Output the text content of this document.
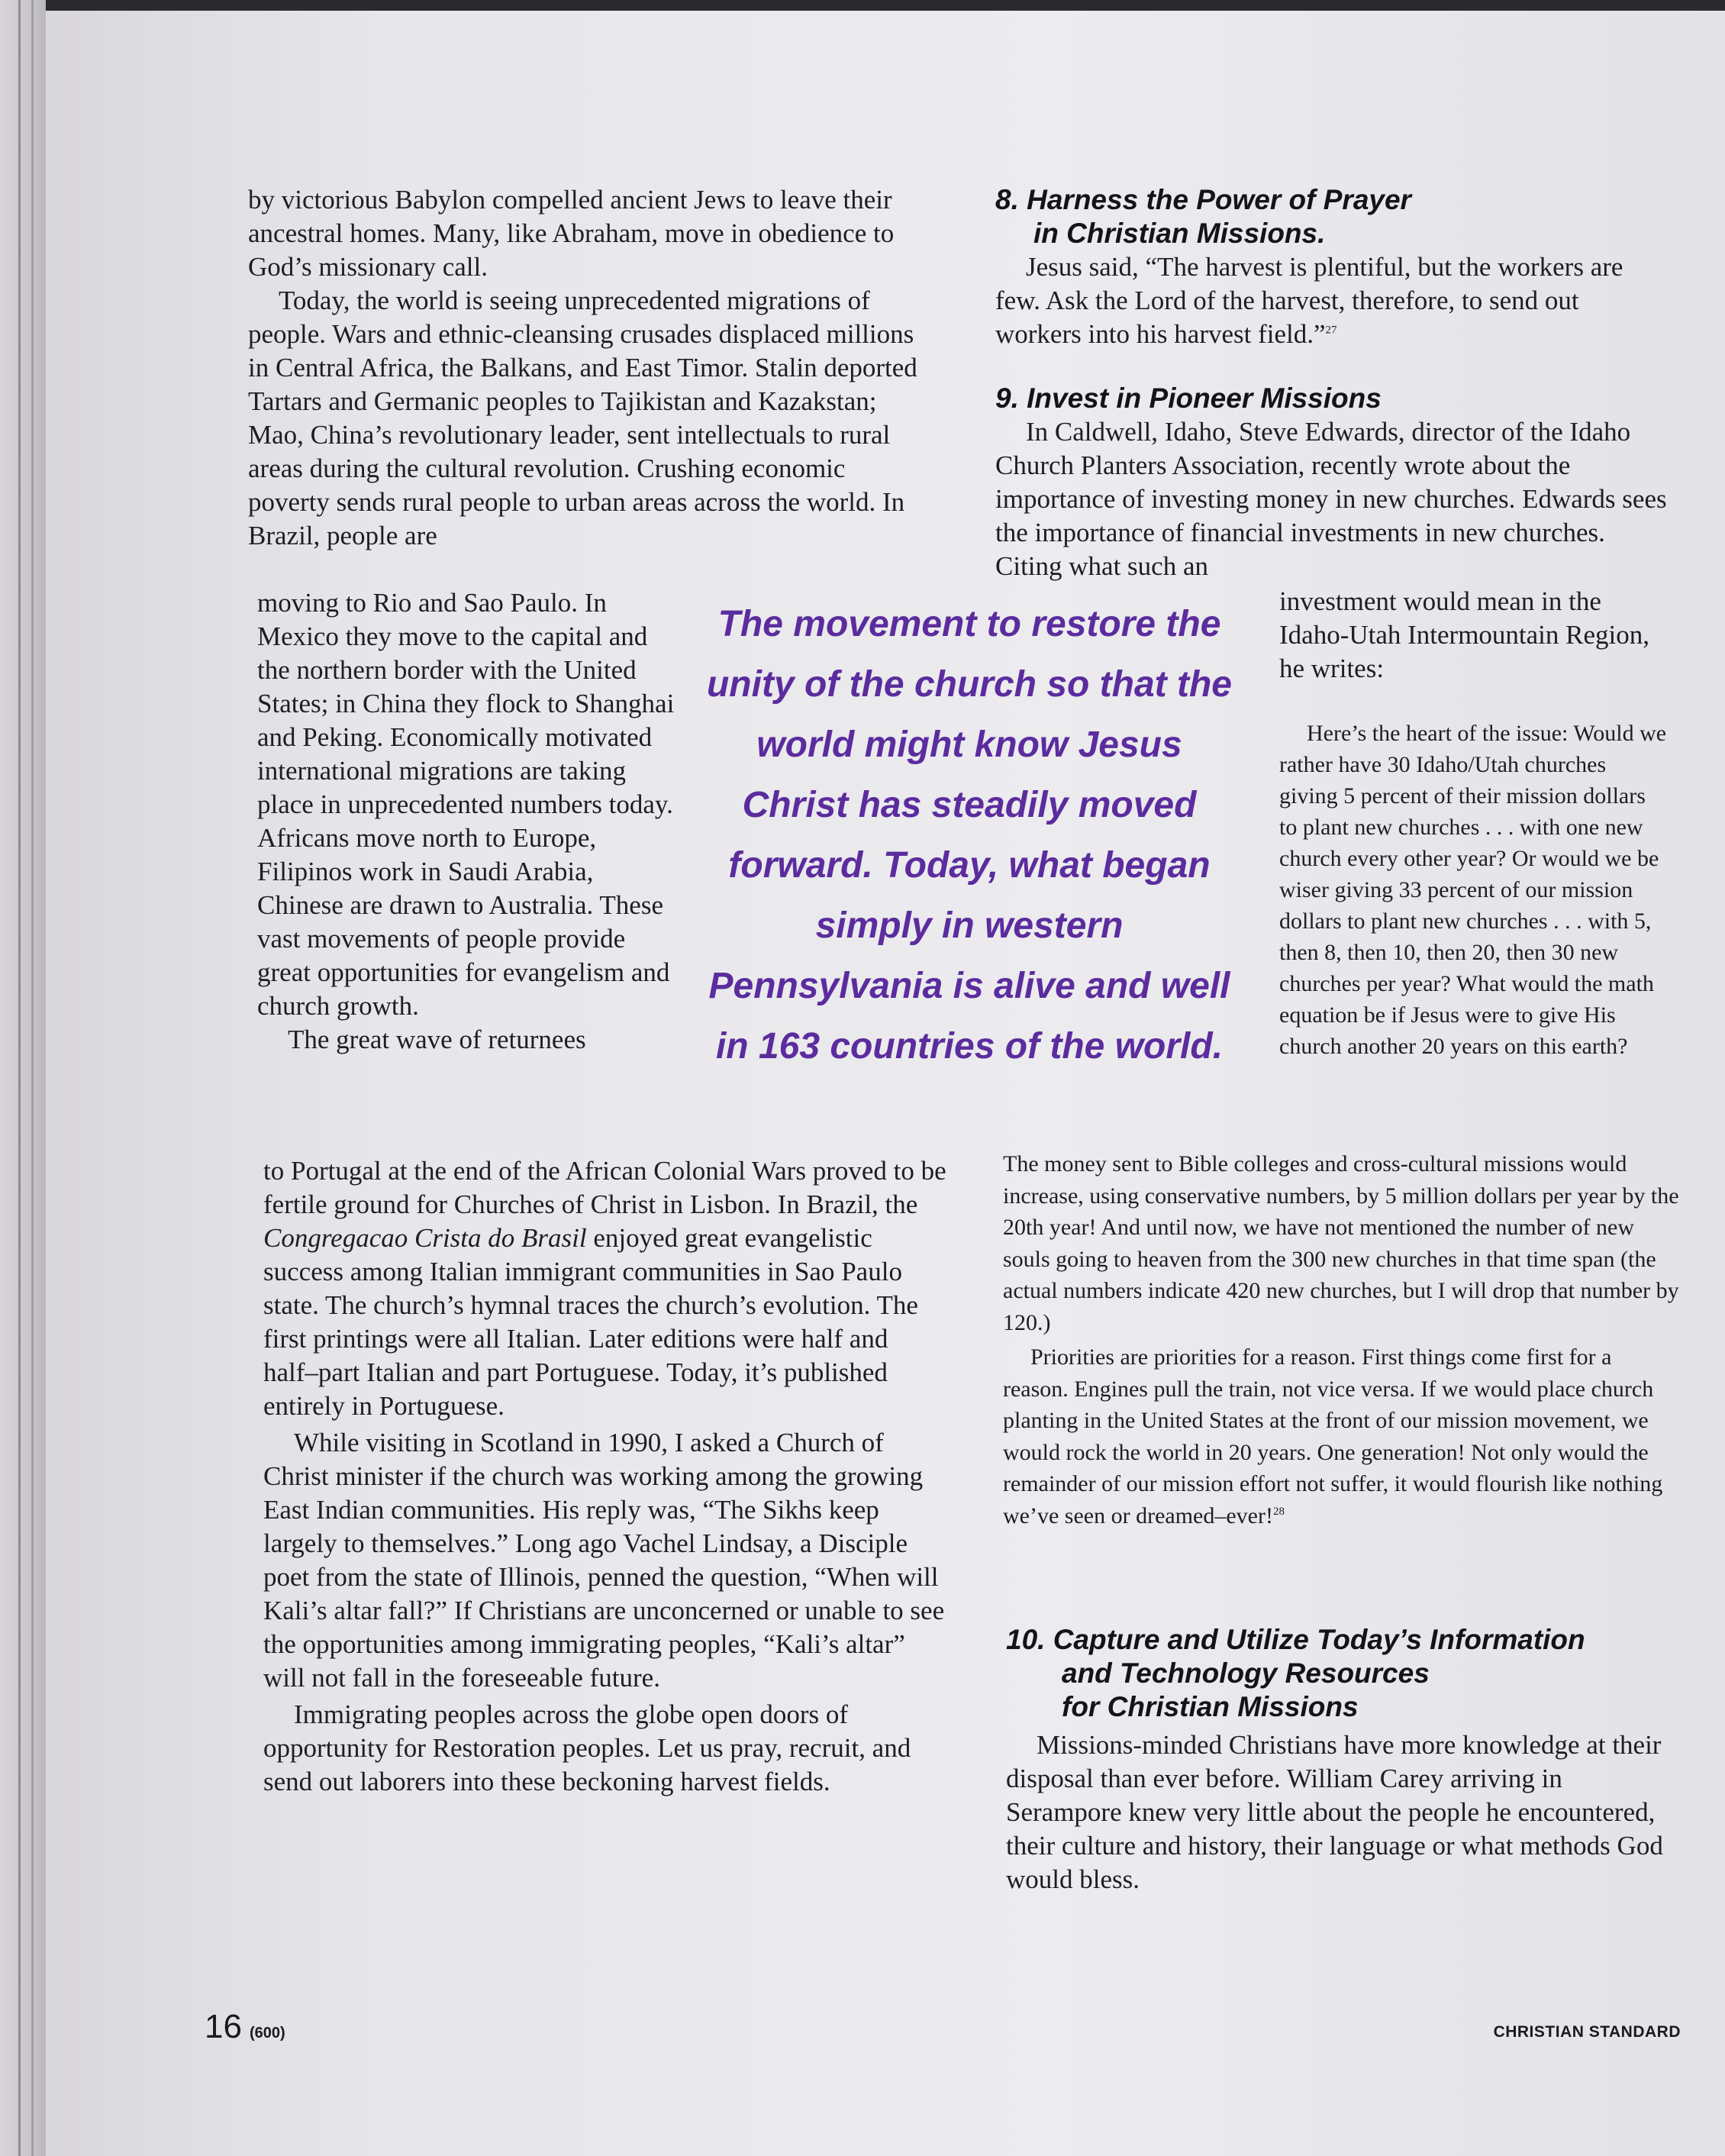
by victorious Babylon compelled ancient Jews to leave their ancestral homes. Many, like Abraham, move in obedience to God’s missionary call.

Today, the world is seeing unprecedented migrations of people. Wars and ethnic-cleansing crusades displaced millions in Central Africa, the Balkans, and East Timor. Stalin deported Tartars and Germanic peoples to Tajikistan and Kazakstan; Mao, China’s revolutionary leader, sent intellectuals to rural areas during the cultural revolution. Crushing economic poverty sends rural people to urban areas across the world. In Brazil, people are

moving to Rio and Sao Paulo. In Mexico they move to the capital and the northern border with the United States; in China they flock to Shanghai and Peking. Economically motivated international migrations are taking place in unprecedented numbers today. Africans move north to Europe, Filipinos work in Saudi Arabia, Chinese are drawn to Australia. These vast movements of people provide great opportunities for evangelism and church growth.

The great wave of returnees

to Portugal at the end of the African Colonial Wars proved to be fertile ground for Churches of Christ in Lisbon. In Brazil, the Congregacao Crista do Brasil enjoyed great evangelistic success among Italian immigrant communities in Sao Paulo state. The church’s hymnal traces the church’s evolution. The first printings were all Italian. Later editions were half and half–part Italian and part Portuguese. Today, it’s published entirely in Portuguese.

While visiting in Scotland in 1990, I asked a Church of Christ minister if the church was working among the growing East Indian communities. His reply was, “The Sikhs keep largely to themselves.” Long ago Vachel Lindsay, a Disciple poet from the state of Illinois, penned the question, “When will Kali’s altar fall?” If Christians are unconcerned or unable to see the opportunities among immigrating peoples, “Kali’s altar” will not fall in the foreseeable future.

Immigrating peoples across the globe open doors of opportunity for Restoration peoples. Let us pray, recruit, and send out laborers into these beckoning harvest fields.

The movement to restore the unity of the church so that the world might know Jesus Christ has steadily moved forward. Today, what began simply in western Pennsylvania is alive and well in 163 countries of the world.
8. Harness the Power of Prayer
in Christian Missions.

Jesus said, “The harvest is plentiful, but the workers are few. Ask the Lord of the harvest, therefore, to send out workers into his harvest field.”$^{27}$

9. Invest in Pioneer Missions

In Caldwell, Idaho, Steve Edwards, director of the Idaho Church Planters Association, recently wrote about the importance of investing money in new churches. Edwards sees the importance of financial investments in new churches. Citing what such an

investment would mean in the Idaho-Utah Intermountain Region, he writes:

Here’s the heart of the issue: Would we rather have 30 Idaho/Utah churches giving 5 percent of their mission dollars to plant new churches . . . with one new church every other year? Or would we be wiser giving 33 percent of our mission dollars to plant new churches . . . with 5, then 8, then 10, then 20, then 30 new churches per year? What would the math equation be if Jesus were to give His church another 20 years on this earth?

The money sent to Bible colleges and cross-cultural missions would increase, using conservative numbers, by 5 million dollars per year by the 20th year! And until now, we have not mentioned the number of new souls going to heaven from the 300 new churches in that time span (the actual numbers indicate 420 new churches, but I will drop that number by 120.)

Priorities are priorities for a reason. First things come first for a reason. Engines pull the train, not vice versa. If we would place church planting in the United States at the front of our mission movement, we would rock the world in 20 years. One generation! Not only would the remainder of our mission effort not suffer, it would flourish like nothing we’ve seen or dreamed–ever!$^{28}$

10. Capture and Utilize Today’s Information
and Technology Resources
for Christian Missions

Missions-minded Christians have more knowledge at their disposal than ever before. William Carey arriving in Serampore knew very little about the people he encountered, their culture and history, their language or what methods God would bless.

16 (600)	CHRISTIAN STANDARD
